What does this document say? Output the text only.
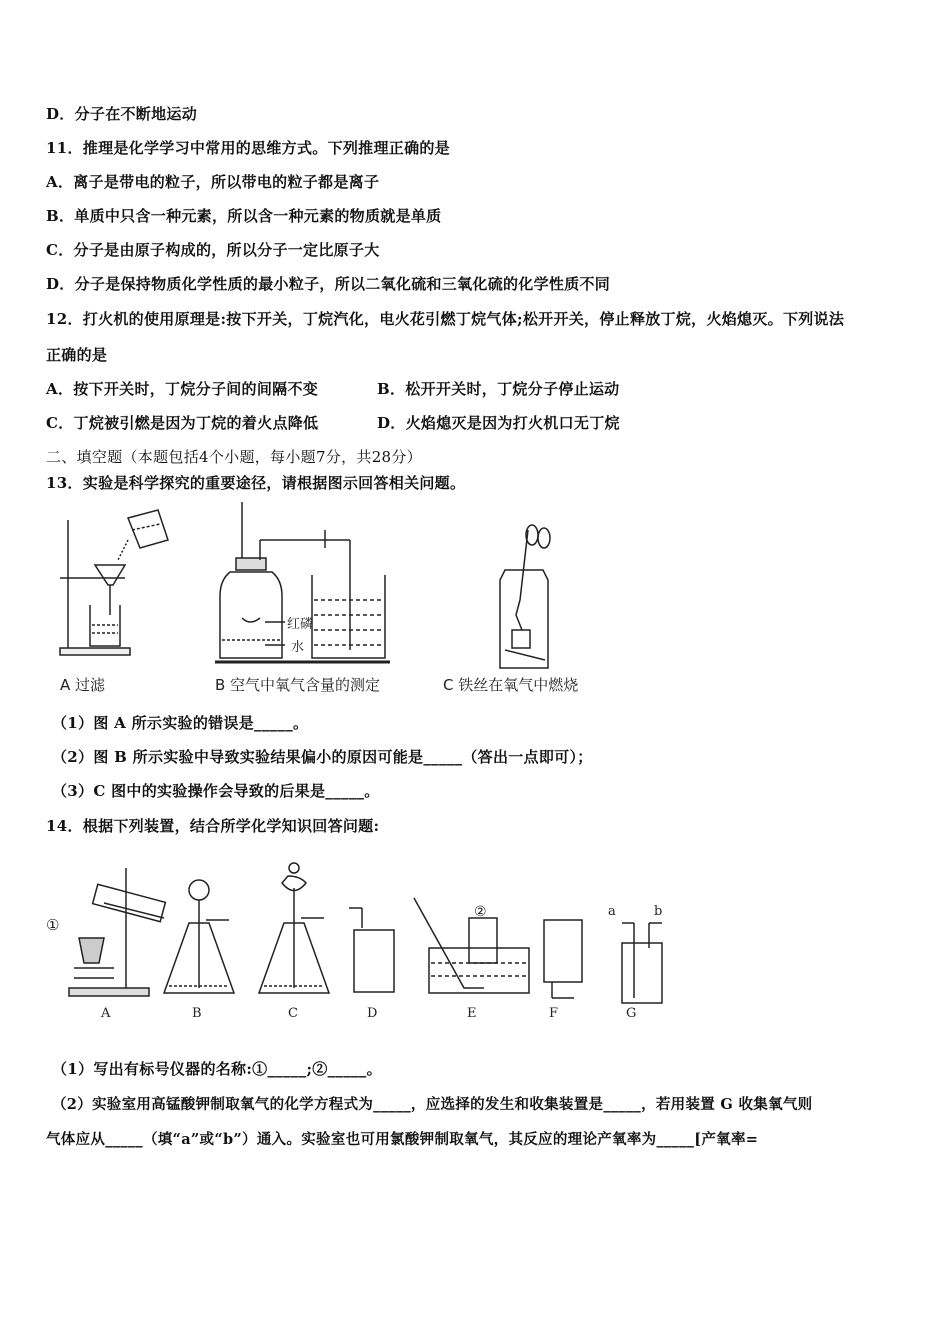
D．分子在不断地运动
11．推理是化学学习中常用的思维方式。下列推理正确的是
A．离子是带电的粒子，所以带电的粒子都是离子
B．单质中只含一种元素，所以含一种元素的物质就是单质
C．分子是由原子构成的，所以分子一定比原子大
D．分子是保持物质化学性质的最小粒子，所以二氧化硫和三氧化硫的化学性质不同
12．打火机的使用原理是:按下开关，丁烷汽化，电火花引燃丁烷气体;松开开关，停止释放丁烷，火焰熄灭。下列说法
正确的是
A．按下开关时，丁烷分子间的间隔不变	B．松开开关时，丁烷分子停止运动
C．丁烷被引燃是因为丁烷的着火点降低	D．火焰熄灭是因为打火机口无丁烷
二、填空题（本题包括4个小题，每小题7分，共28分）
13．实验是科学探究的重要途径，请根据图示回答相关问题。
红磷
水
A 过滤	B 空气中氧气含量的测定	C 铁丝在氧气中燃烧
（1）图 A 所示实验的错误是_____。
（2）图 B 所示实验中导致实验结果偏小的原因可能是_____（答出一点即可）；
（3）C 图中的实验操作会导致的后果是_____。
14．根据下列装置，结合所学化学知识回答问题:
①
②	a	b
A	B	C	D	E	F	G
（1）写出有标号仪器的名称:①_____;②_____。
（2）实验室用高锰酸钾制取氧气的化学方程式为_____，应选择的发生和收集装置是_____，若用装置 G 收集氧气则
气体应从_____（填“a”或“b”）通入。实验室也可用氯酸钾制取氧气，其反应的理论产氧率为_____[产氧率=
